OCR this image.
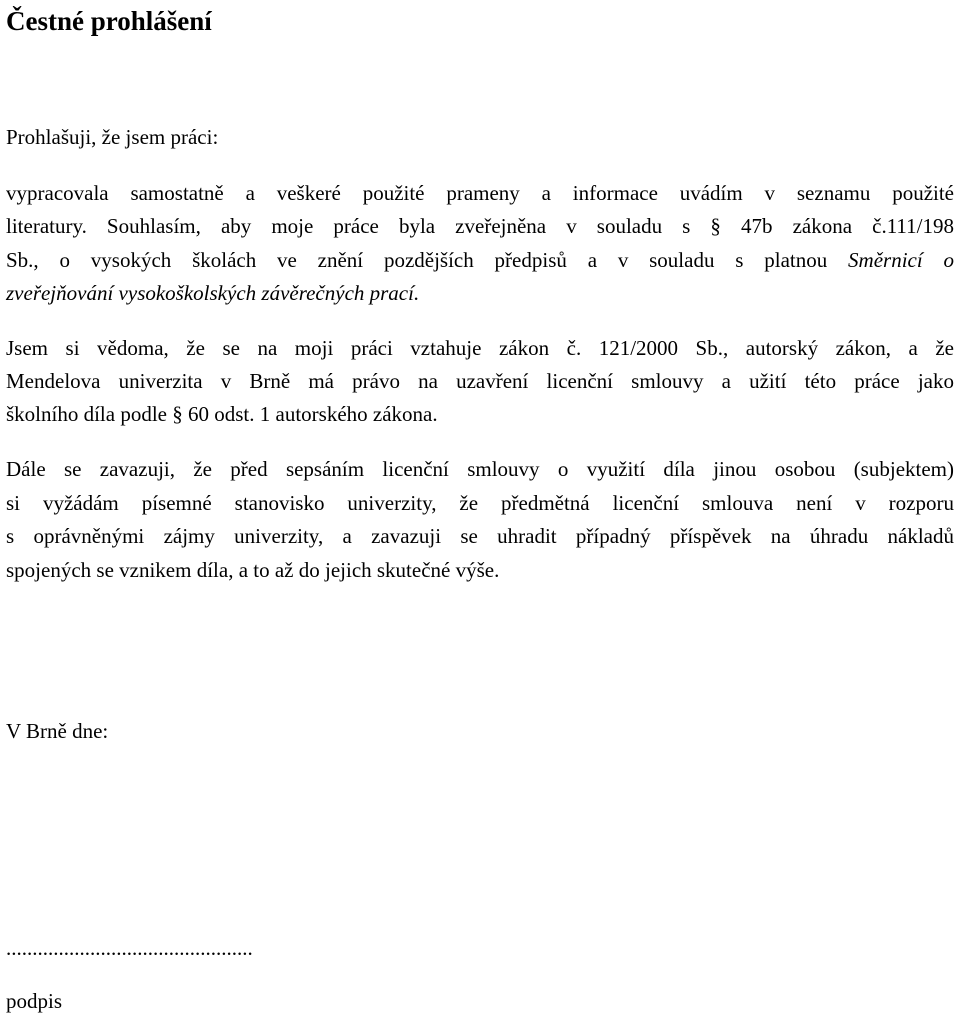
Čestné prohlášení
Prohlašuji, že jsem práci:
vypracovala samostatně a veškeré použité prameny a informace uvádím v seznamu použité
literatury. Souhlasím, aby moje práce byla zveřejněna v souladu s § 47b zákona č.111/198
Sb., o vysokých školách ve znění pozdějších předpisů a v souladu s platnou Směrnicí o
zveřejňování vysokoškolských závěrečných prací.
Jsem si vědoma, že se na moji práci vztahuje zákon č. 121/2000 Sb., autorský zákon, a že
Mendelova univerzita v Brně má právo na uzavření licenční smlouvy a užití této práce jako
školního díla podle § 60 odst. 1 autorského zákona.
Dále se zavazuji, že před sepsáním licenční smlouvy o využití díla jinou osobou (subjektem)
si vyžádám písemné stanovisko univerzity, že předmětná licenční smlouva není v rozporu
s oprávněnými zájmy univerzity, a zavazuji se uhradit případný příspěvek na úhradu nákladů
spojených se vznikem díla, a to až do jejich skutečné výše.
V Brně dne:
...............................................
podpis
